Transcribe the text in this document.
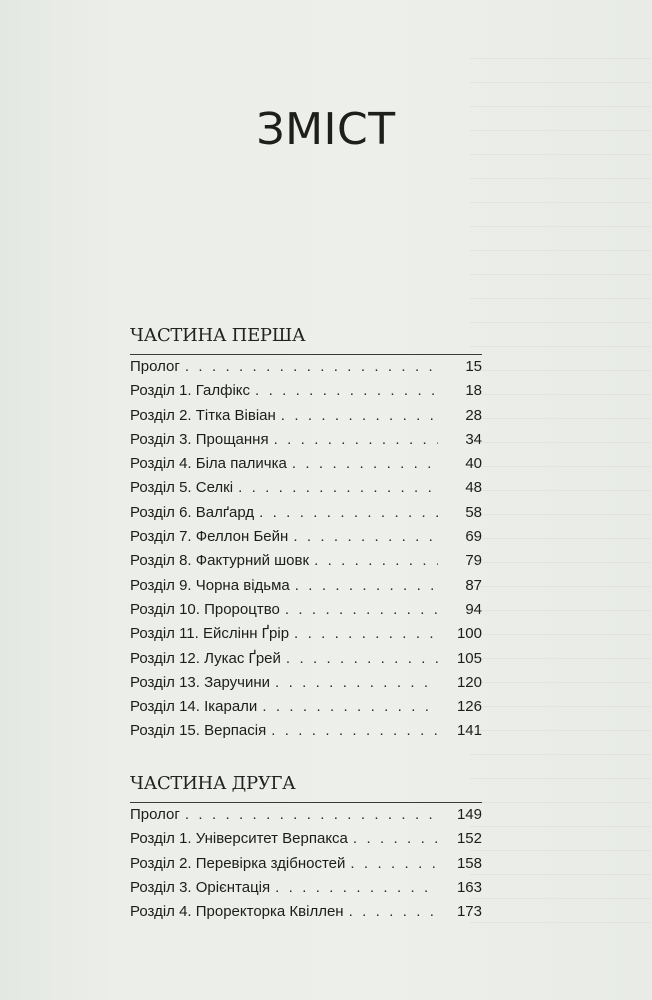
ЗМІСТ
ЧАСТИНА ПЕРША
Пролог . . .	15
Розділ 1. Галфікс . . .	18
Розділ 2. Тітка Вівіан . . .	28
Розділ 3. Прощання . . .	34
Розділ 4. Біла паличка . . .	40
Розділ 5. Селкі . . .	48
Розділ 6. Валґард . . .	58
Розділ 7. Феллон Бейн . . .	69
Розділ 8. Фактурний шовк . . .	79
Розділ 9. Чорна відьма . . .	87
Розділ 10. Пророцтво . . .	94
Розділ 11. Ейслінн Ґрір . . .	100
Розділ 12. Лукас Ґрей . . .	105
Розділ 13. Заручини . . .	120
Розділ 14. Ікарали . . .	126
Розділ 15. Верпасія . . .	141
ЧАСТИНА ДРУГА
Пролог . . .	149
Розділ 1. Університет Верпакса . . .	152
Розділ 2. Перевірка здібностей . . .	158
Розділ 3. Орієнтація . . .	163
Розділ 4. Проректорка Квіллен . . .	173
